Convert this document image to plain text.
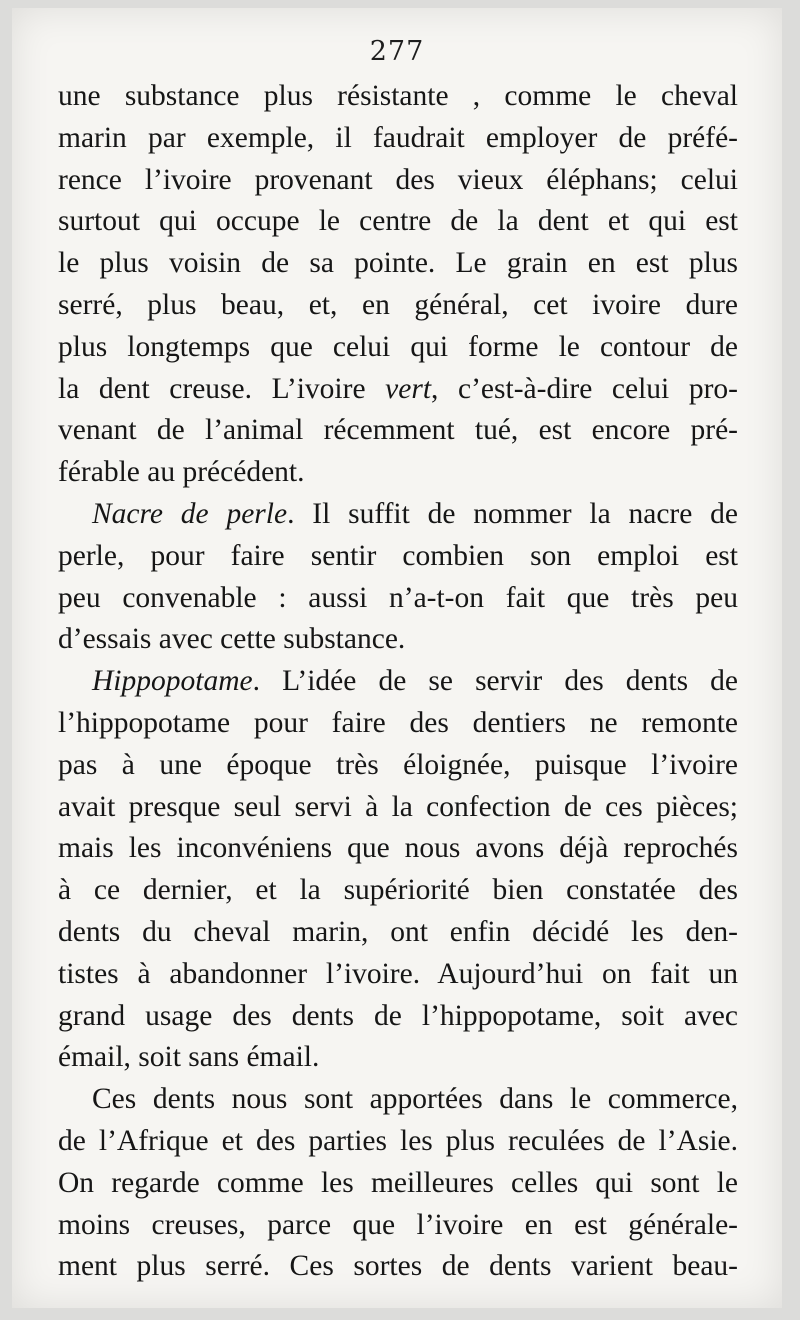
277
une substance plus résistante , comme le cheval
marin par exemple, il faudrait employer de préfé-
rence l’ivoire provenant des vieux éléphans; celui
surtout qui occupe le centre de la dent et qui est
le plus voisin de sa pointe. Le grain en est plus
serré, plus beau, et, en général, cet ivoire dure
plus longtemps que celui qui forme le contour de
la dent creuse. L’ivoire vert, c’est-à-dire celui pro-
venant de l’animal récemment tué, est encore pré-
férable au précédent.
Nacre de perle. Il suffit de nommer la nacre de
perle, pour faire sentir combien son emploi est
peu convenable : aussi n’a-t-on fait que très peu
d’essais avec cette substance.
Hippopotame. L’idée de se servir des dents de
l’hippopotame pour faire des dentiers ne remonte
pas à une époque très éloignée, puisque l’ivoire
avait presque seul servi à la confection de ces pièces;
mais les inconvéniens que nous avons déjà reprochés
à ce dernier, et la supériorité bien constatée des
dents du cheval marin, ont enfin décidé les den-
tistes à abandonner l’ivoire. Aujourd’hui on fait un
grand usage des dents de l’hippopotame, soit avec
émail, soit sans émail.
Ces dents nous sont apportées dans le commerce,
de l’Afrique et des parties les plus reculées de l’Asie.
On regarde comme les meilleures celles qui sont le
moins creuses, parce que l’ivoire en est générale-
ment plus serré. Ces sortes de dents varient beau-
